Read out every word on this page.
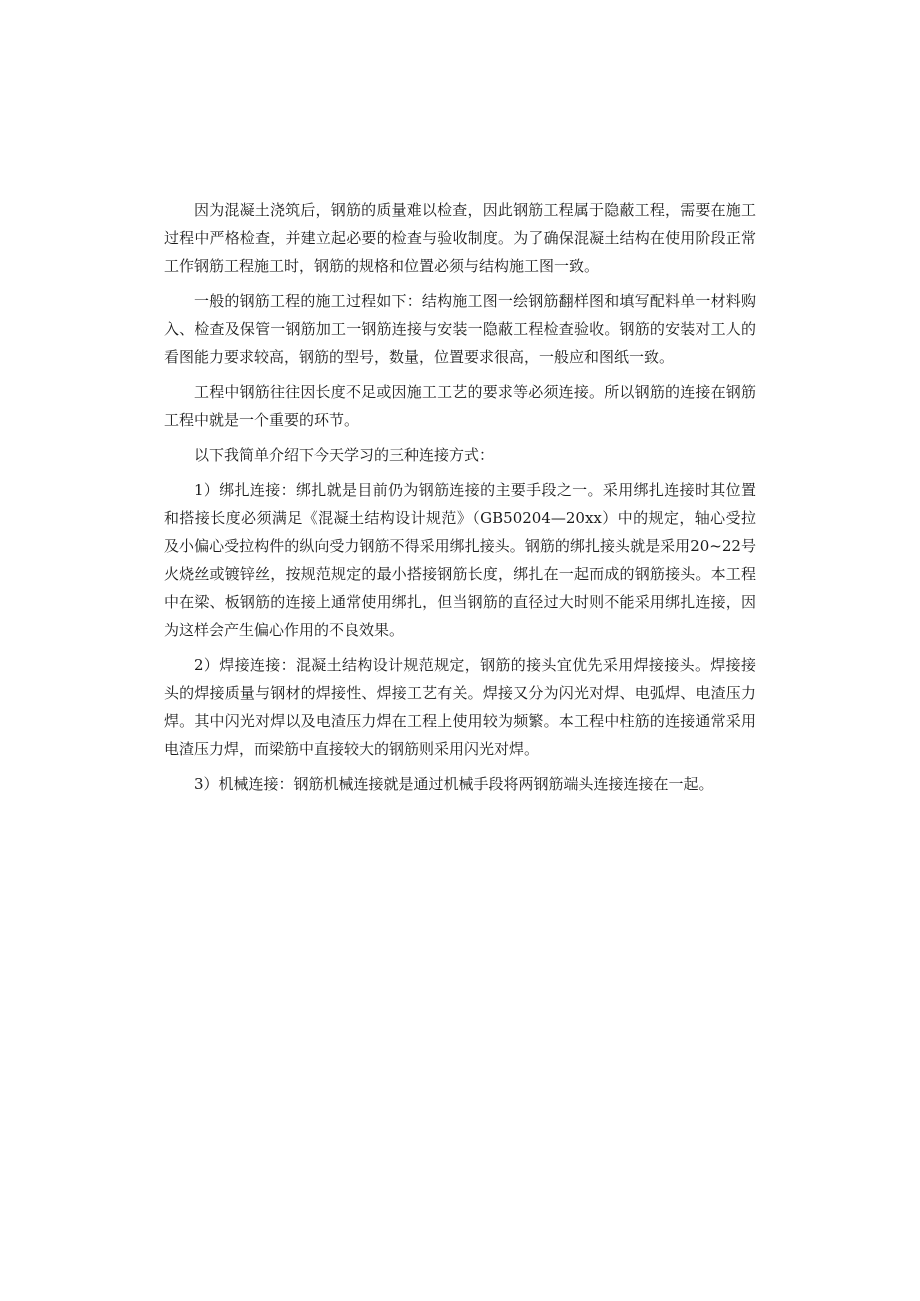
因为混凝土浇筑后，钢筋的质量难以检查，因此钢筋工程属于隐蔽工程，需要在施工过程中严格检查，并建立起必要的检查与验收制度。为了确保混凝土结构在使用阶段正常工作钢筋工程施工时，钢筋的规格和位置必须与结构施工图一致。

一般的钢筋工程的施工过程如下：结构施工图一绘钢筋翻样图和填写配料单一材料购入、检查及保管一钢筋加工一钢筋连接与安装一隐蔽工程检查验收。钢筋的安装对工人的看图能力要求较高，钢筋的型号，数量，位置要求很高，一般应和图纸一致。

工程中钢筋往往因长度不足或因施工工艺的要求等必须连接。所以钢筋的连接在钢筋工程中就是一个重要的环节。

以下我简单介绍下今天学习的三种连接方式：

1）绑扎连接：绑扎就是目前仍为钢筋连接的主要手段之一。采用绑扎连接时其位置和搭接长度必须满足《混凝土结构设计规范》（GB50204—20xx）中的规定，轴心受拉及小偏心受拉构件的纵向受力钢筋不得采用绑扎接头。钢筋的绑扎接头就是采用20~22号火烧丝或镀锌丝，按规范规定的最小搭接钢筋长度，绑扎在一起而成的钢筋接头。本工程中在梁、板钢筋的连接上通常使用绑扎，但当钢筋的直径过大时则不能采用绑扎连接，因为这样会产生偏心作用的不良效果。

2）焊接连接：混凝土结构设计规范规定，钢筋的接头宜优先采用焊接接头。焊接接头的焊接质量与钢材的焊接性、焊接工艺有关。焊接又分为闪光对焊、电弧焊、电渣压力焊。其中闪光对焊以及电渣压力焊在工程上使用较为频繁。本工程中柱筋的连接通常采用电渣压力焊，而梁筋中直接较大的钢筋则采用闪光对焊。

3）机械连接：钢筋机械连接就是通过机械手段将两钢筋端头连接连接在一起。
